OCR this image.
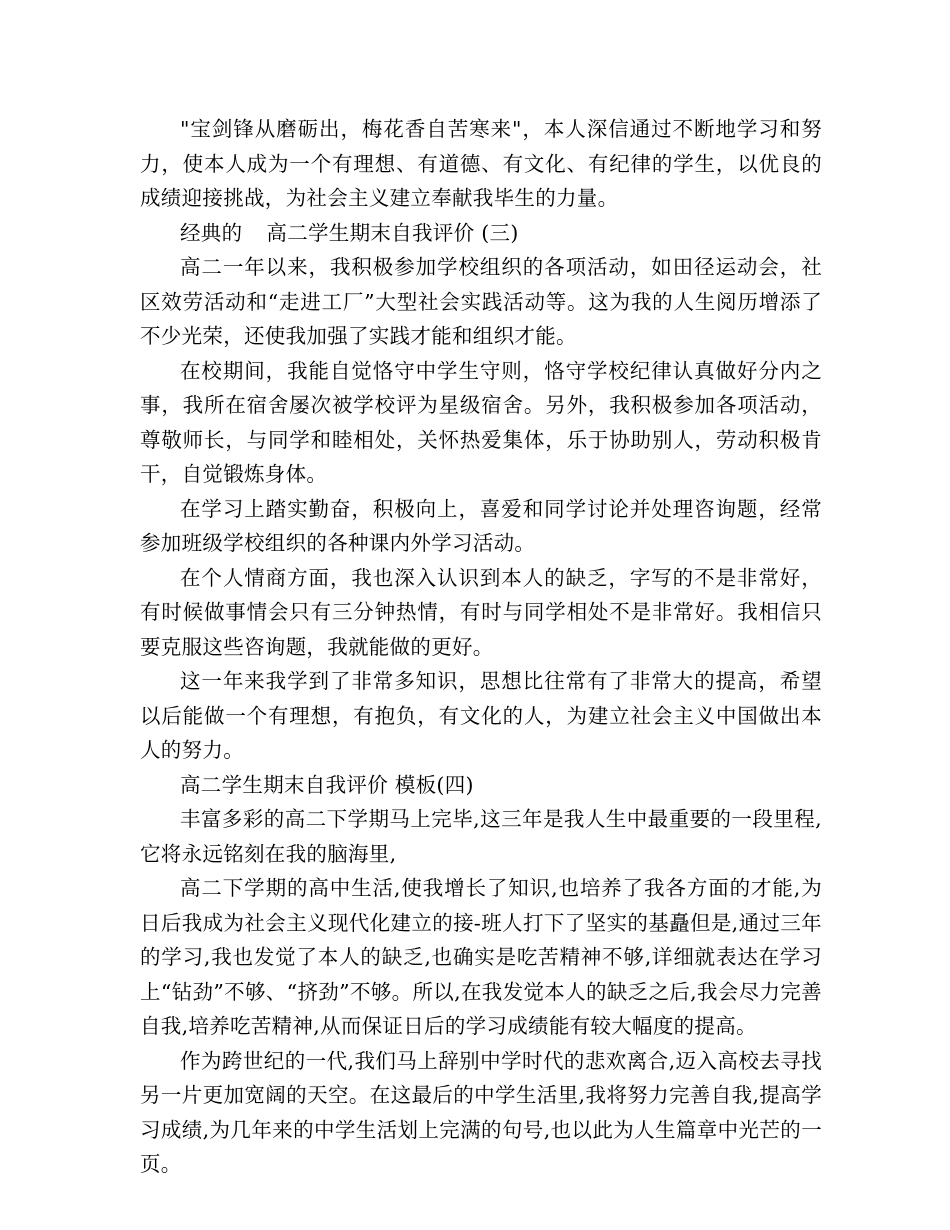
"宝剑锋从磨砺出，梅花香自苦寒来"，本人深信通过不断地学习和努力，使本人成为一个有理想、有道德、有文化、有纪律的学生，以优良的成绩迎接挑战，为社会主义建立奉献我毕生的力量。

经典的 高二学生期末自我评价 (三)

高二一年以来，我积极参加学校组织的各项活动，如田径运动会，社区效劳活动和“走进工厂”大型社会实践活动等。这为我的人生阅历增添了不少光荣，还使我加强了实践才能和组织才能。

在校期间，我能自觉恪守中学生守则，恪守学校纪律认真做好分内之事，我所在宿舍屡次被学校评为星级宿舍。另外，我积极参加各项活动，尊敬师长，与同学和睦相处，关怀热爱集体，乐于协助别人，劳动积极肯干，自觉锻炼身体。

在学习上踏实勤奋，积极向上，喜爱和同学讨论并处理咨询题，经常参加班级学校组织的各种课内外学习活动。

在个人情商方面，我也深入认识到本人的缺乏，字写的不是非常好，有时候做事情会只有三分钟热情，有时与同学相处不是非常好。我相信只要克服这些咨询题，我就能做的更好。

这一年来我学到了非常多知识，思想比往常有了非常大的提高，希望以后能做一个有理想，有抱负，有文化的人，为建立社会主义中国做出本人的努力。

高二学生期末自我评价 模板(四)

丰富多彩的高二下学期马上完毕,这三年是我人生中最重要的一段里程,它将永远铭刻在我的脑海里,

高二下学期的高中生活,使我增长了知识,也培养了我各方面的才能,为日后我成为社会主义现代化建立的接-班人打下了坚实的基矗但是,通过三年的学习,我也发觉了本人的缺乏,也确实是吃苦精神不够,详细就表达在学习上“钻劲”不够、“挤劲”不够。所以,在我发觉本人的缺乏之后,我会尽力完善自我,培养吃苦精神,从而保证日后的学习成绩能有较大幅度的提高。

作为跨世纪的一代,我们马上辞别中学时代的悲欢离合,迈入高校去寻找另一片更加宽阔的天空。在这最后的中学生活里,我将努力完善自我,提高学习成绩,为几年来的中学生活划上完满的句号,也以此为人生篇章中光芒的一页。
